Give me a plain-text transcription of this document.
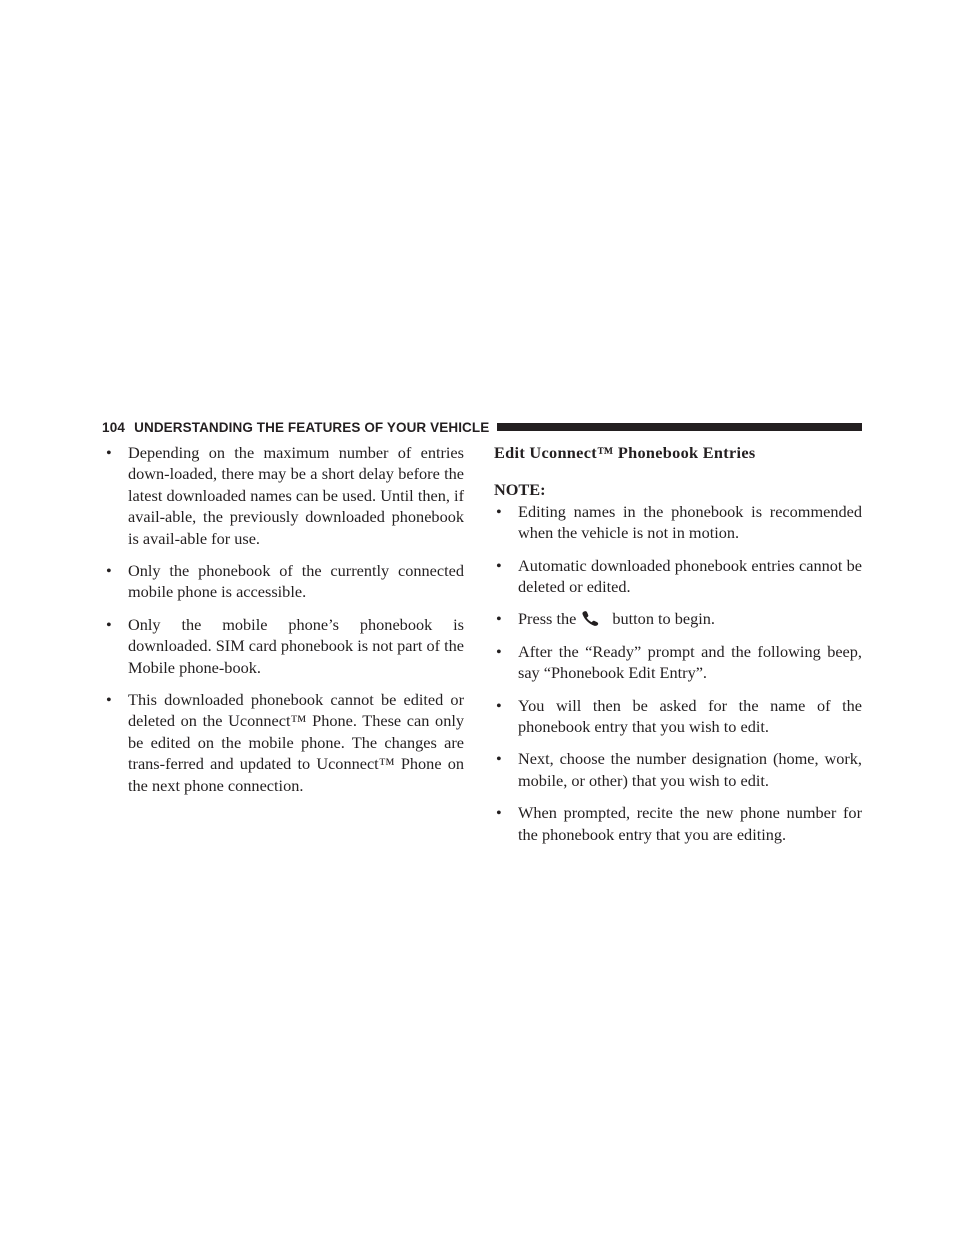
104 UNDERSTANDING THE FEATURES OF YOUR VEHICLE
• Depending on the maximum number of entries down-loaded, there may be a short delay before the latest downloaded names can be used. Until then, if avail-able, the previously downloaded phonebook is avail-able for use.
• Only the phonebook of the currently connected mobile phone is accessible.
• Only the mobile phone’s phonebook is downloaded. SIM card phonebook is not part of the Mobile phone-book.
• This downloaded phonebook cannot be edited or deleted on the Uconnect™ Phone. These can only be edited on the mobile phone. The changes are trans-ferred and updated to Uconnect™ Phone on the next phone connection.
Edit Uconnect™ Phonebook Entries
NOTE:
• Editing names in the phonebook is recommended when the vehicle is not in motion.
• Automatic downloaded phonebook entries cannot be deleted or edited.
• Press the button to begin.
• After the “Ready” prompt and the following beep, say “Phonebook Edit Entry”.
• You will then be asked for the name of the phonebook entry that you wish to edit.
• Next, choose the number designation (home, work, mobile, or other) that you wish to edit.
• When prompted, recite the new phone number for the phonebook entry that you are editing.
